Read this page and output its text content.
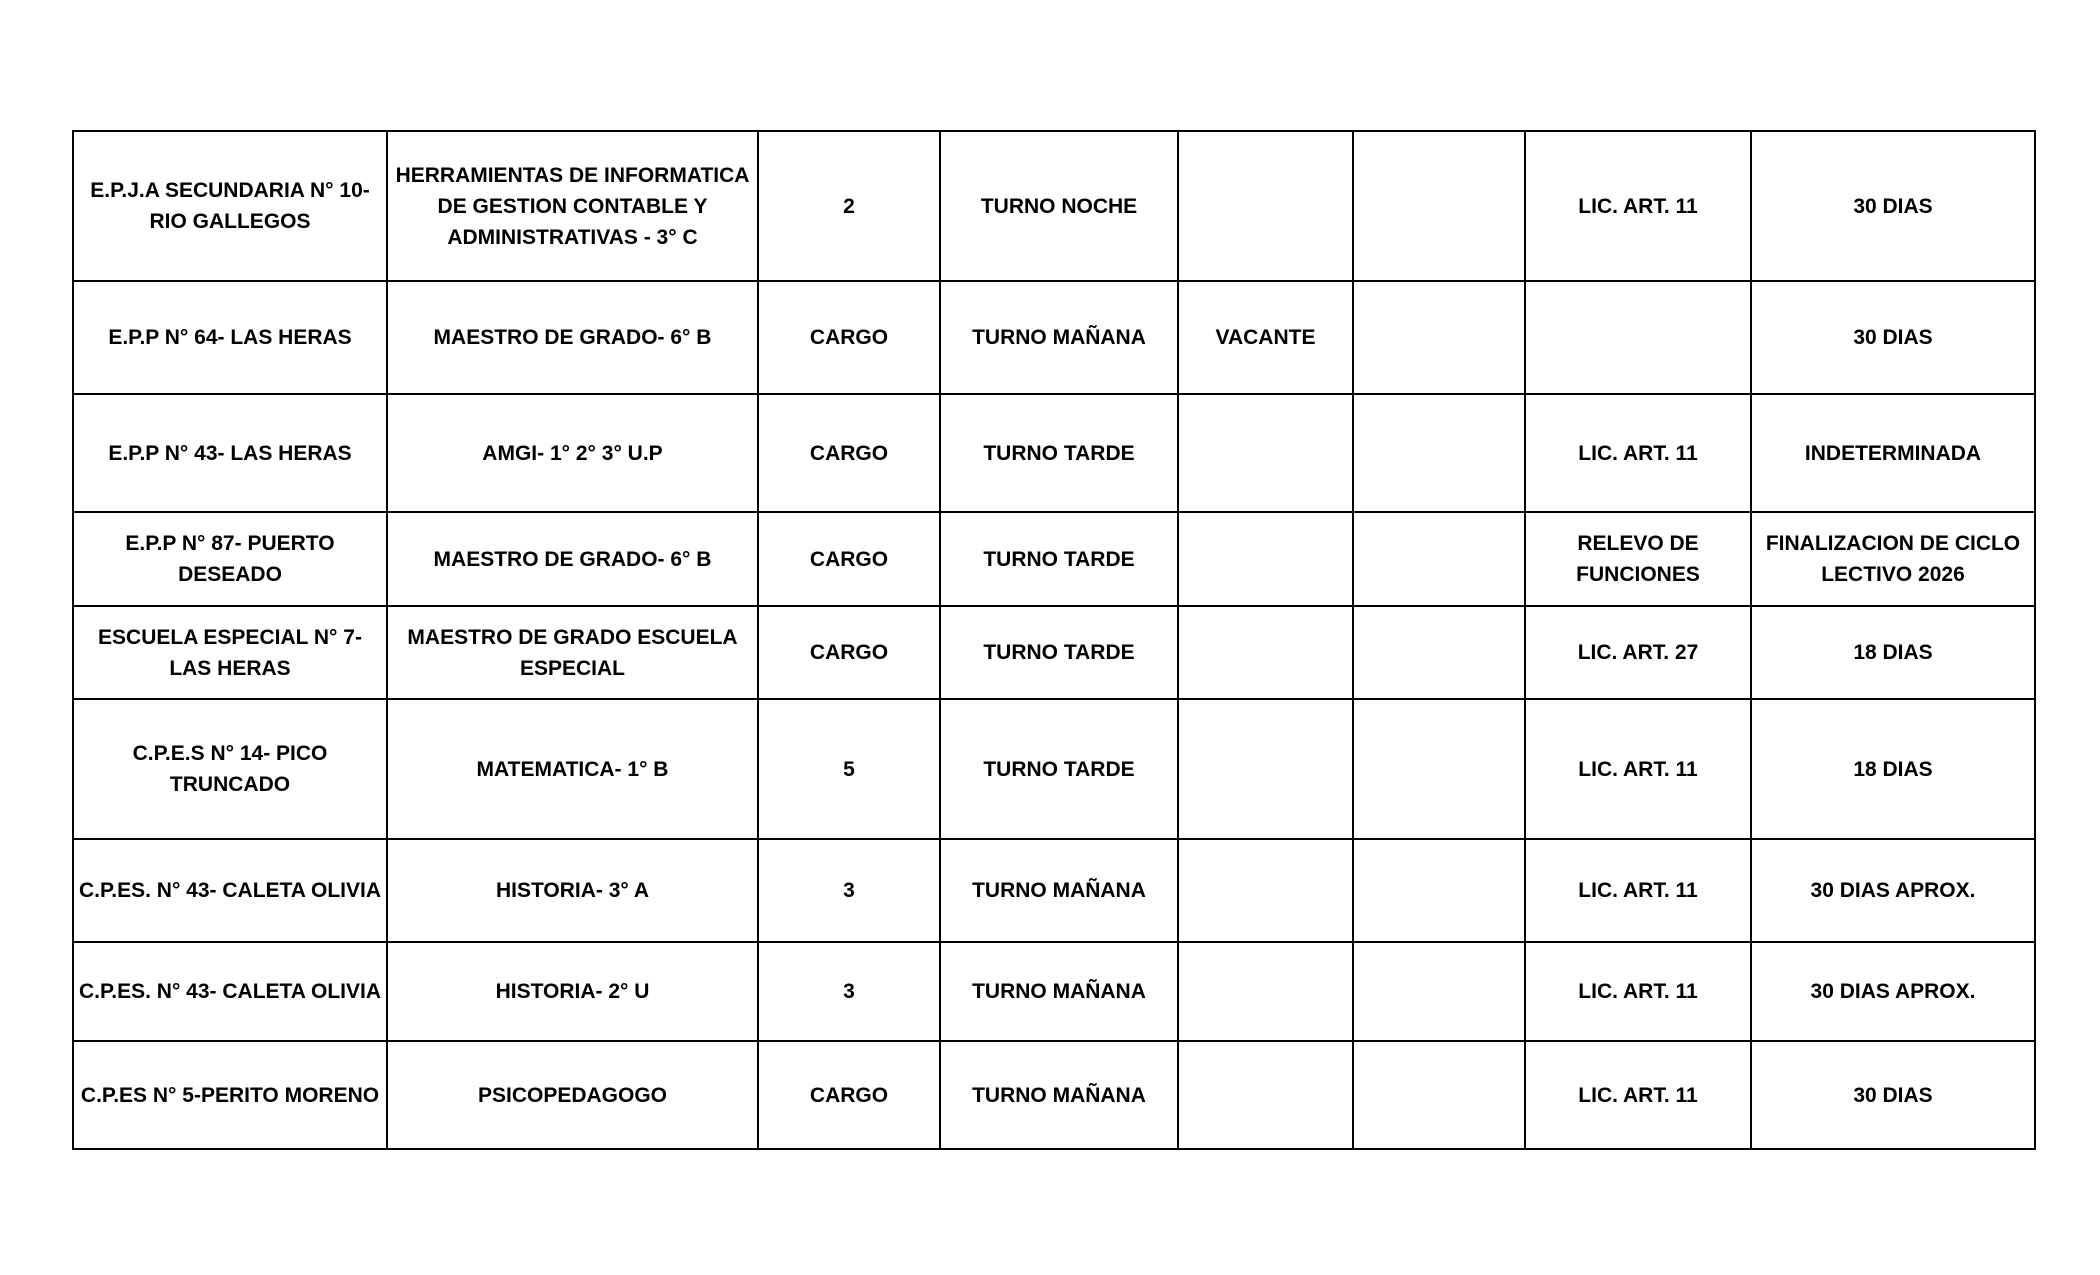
E.P.J.A SECUNDARIA N° 10- RIO GALLEGOS	HERRAMIENTAS DE INFORMATICA DE GESTION CONTABLE Y ADMINISTRATIVAS - 3° C	2	TURNO NOCHE			LIC. ART. 11	30 DIAS
E.P.P N° 64- LAS HERAS	MAESTRO DE GRADO- 6° B	CARGO	TURNO MAÑANA	VACANTE			30 DIAS
E.P.P N° 43- LAS HERAS	AMGI- 1° 2° 3° U.P	CARGO	TURNO TARDE			LIC. ART. 11	INDETERMINADA
E.P.P N° 87- PUERTO DESEADO	MAESTRO DE GRADO- 6° B	CARGO	TURNO TARDE			RELEVO DE FUNCIONES	FINALIZACION DE CICLO LECTIVO 2026
ESCUELA ESPECIAL N° 7- LAS HERAS	MAESTRO DE GRADO ESCUELA ESPECIAL	CARGO	TURNO TARDE			LIC. ART. 27	18 DIAS
C.P.E.S N° 14- PICO TRUNCADO	MATEMATICA- 1° B	5	TURNO TARDE			LIC. ART. 11	18 DIAS
C.P.ES. N° 43- CALETA OLIVIA	HISTORIA- 3° A	3	TURNO MAÑANA			LIC. ART. 11	30 DIAS APROX.
C.P.ES. N° 43- CALETA OLIVIA	HISTORIA- 2° U	3	TURNO MAÑANA			LIC. ART. 11	30 DIAS APROX.
C.P.ES N° 5-PERITO MORENO	PSICOPEDAGOGO	CARGO	TURNO MAÑANA			LIC. ART. 11	30 DIAS
